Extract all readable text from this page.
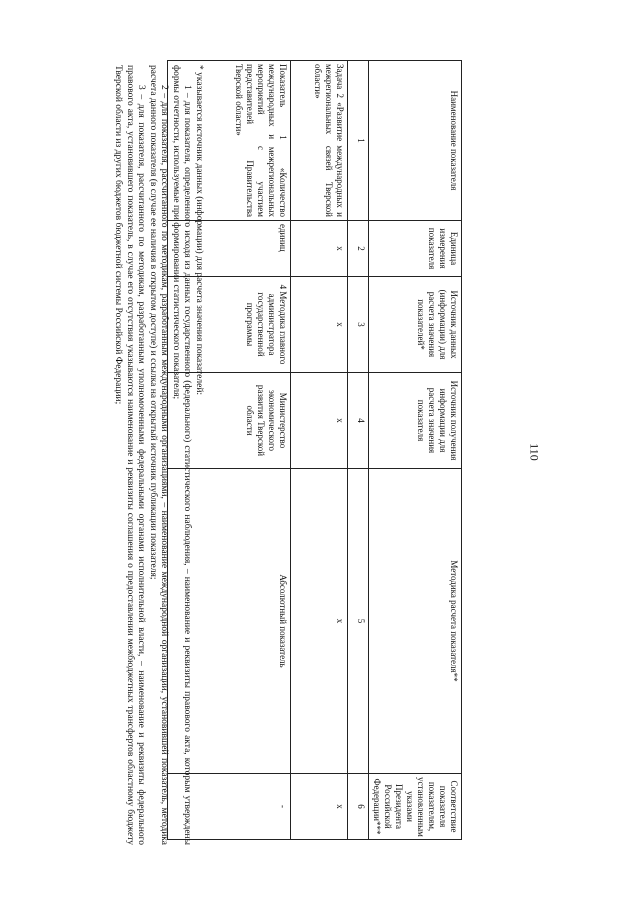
110
Наименование показателя	Единица измерения показателя	Источник данных (информации) для расчета значения показателей*	Источник получения информации для расчета значения показателя	Методика расчета показателя**	Соответствие показателя показателям, установленным указами Президента Российской Федерации***
1	2	3	4	5	6
Задача 2 «Развитие международных и межрегиональных связей Тверской области»	х	х	х	х	х
Показатель 1 «Количество международных и межрегиональных мероприятий с участием представителей Правительства Тверской области»	единиц	4 Методика главного администратора государственной программы	Министерство экономического развития Тверской области	Абсолютный показатель	-

* указывается источник данных (информации) для расчета значения показателей:

1 – для показателя, определенного исходя из данных государственного (федерального) статистического наблюдения, – наименование и реквизиты правового акта, которым утверждены формы отчетности, используемые при формировании статистического показателя;

2 – для показателя, рассчитанного по методикам, разработанным международными организациями, – наименование международной организации, установившей показатель, методика расчета данного показателя (в случае ее наличия в открытом доступе) и ссылка на открытый источник публикации показателя;

3 – для показателя, рассчитанного по методикам, разработанным уполномоченными федеральными органами исполнительной власти, – наименование и реквизиты федерального правового акта, установившего показатель, в случае его отсутствия указываются наименование и реквизиты соглашения о предоставлении межбюджетных трансфертов областному бюджету Тверской области из других бюджетов бюджетной системы Российской Федерации;
